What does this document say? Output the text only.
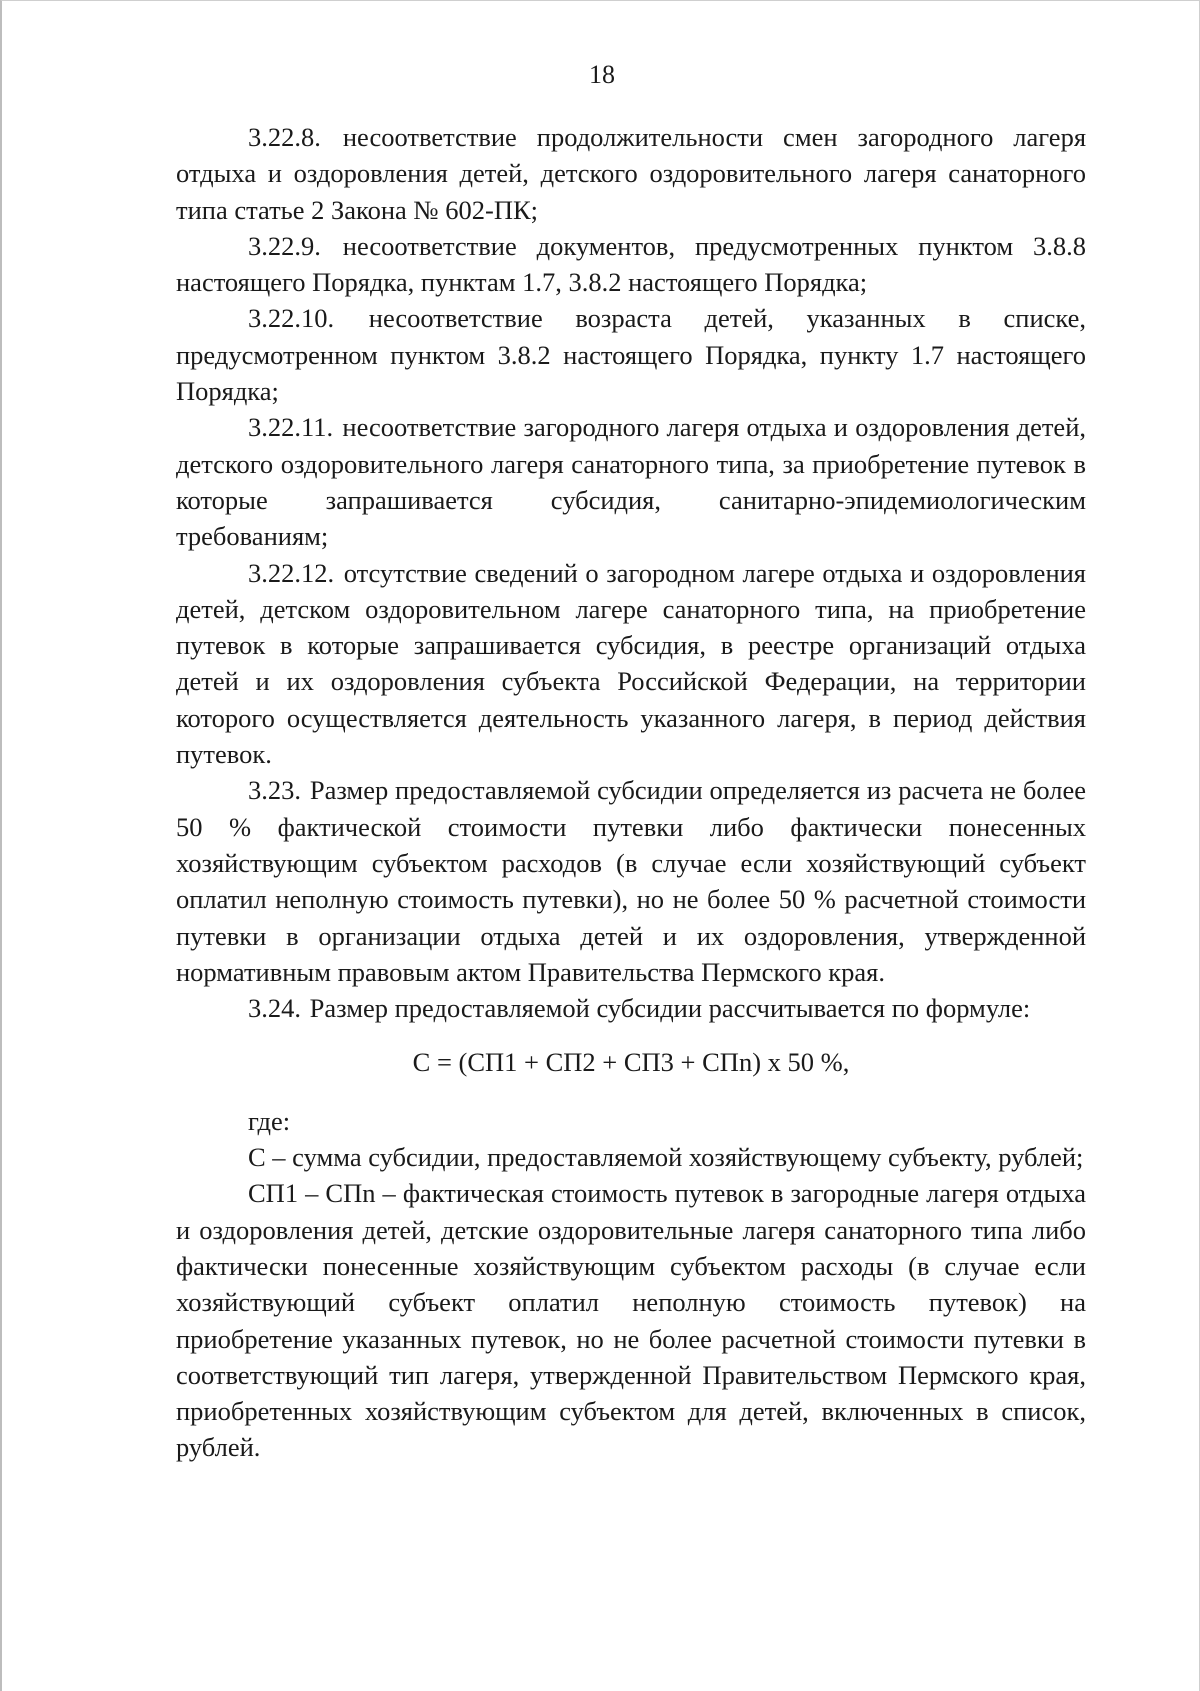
18

3.22.8. несоответствие продолжительности смен загородного лагеря отдыха и оздоровления детей, детского оздоровительного лагеря санаторного типа статье 2 Закона № 602-ПК;

3.22.9. несоответствие документов, предусмотренных пунктом 3.8.8 настоящего Порядка, пунктам 1.7, 3.8.2 настоящего Порядка;

3.22.10. несоответствие возраста детей, указанных в списке, предусмотренном пунктом 3.8.2 настоящего Порядка, пункту 1.7 настоящего Порядка;

3.22.11. несоответствие загородного лагеря отдыха и оздоровления детей, детского оздоровительного лагеря санаторного типа, за приобретение путевок в которые запрашивается субсидия, санитарно-эпидемиологическим требованиям;

3.22.12. отсутствие сведений о загородном лагере отдыха и оздоровления детей, детском оздоровительном лагере санаторного типа, на приобретение путевок в которые запрашивается субсидия, в реестре организаций отдыха детей и их оздоровления субъекта Российской Федерации, на территории которого осуществляется деятельность указанного лагеря, в период действия путевок.

3.23. Размер предоставляемой субсидии определяется из расчета не более 50 % фактической стоимости путевки либо фактически понесенных хозяйствующим субъектом расходов (в случае если хозяйствующий субъект оплатил неполную стоимость путевки), но не более 50 % расчетной стоимости путевки в организации отдыха детей и их оздоровления, утвержденной нормативным правовым актом Правительства Пермского края.

3.24. Размер предоставляемой субсидии рассчитывается по формуле:

С = (СП1 + СП2 + СП3 + СПn) х 50 %,

где:

С – сумма субсидии, предоставляемой хозяйствующему субъекту, рублей;

СП1 – СПn – фактическая стоимость путевок в загородные лагеря отдыха и оздоровления детей, детские оздоровительные лагеря санаторного типа либо фактически понесенные хозяйствующим субъектом расходы (в случае если хозяйствующий субъект оплатил неполную стоимость путевок) на приобретение указанных путевок, но не более расчетной стоимости путевки в соответствующий тип лагеря, утвержденной Правительством Пермского края, приобретенных хозяйствующим субъектом для детей, включенных в список, рублей.
